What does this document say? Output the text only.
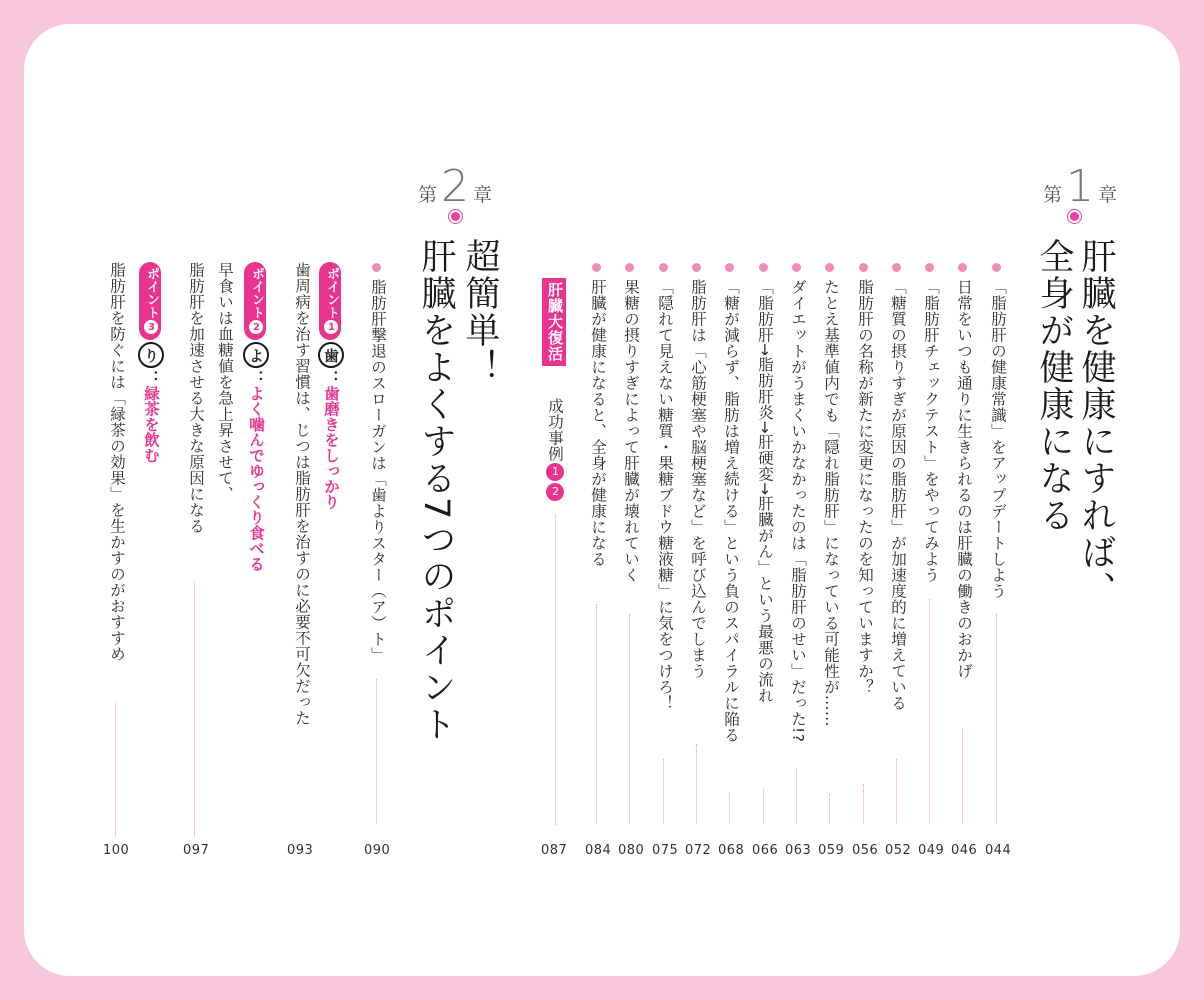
第 1 章
肝臓を健康にすれば、
全身が健康になる
「脂肪肝の健康常識」をアップデートしよう
044
日常をいつも通りに生きられるのは肝臓の働きのおかげ
046
「脂肪肝チェックテスト」をやってみよう
049
「糖質の摂りすぎが原因の脂肪肝」が加速度的に増えている
052
脂肪肝の名称が新たに変更になったのを知っていますか？
056
たとえ基準値内でも「隠れ脂肪肝」になっている可能性が……
059
ダイエットがうまくいかなかったのは「脂肪肝のせい」だった!?
063
「脂肪肝→脂肪肝炎→肝硬変→肝臓がん」という最悪の流れ
066
「糖が減らず、脂肪は増え続ける」という負のスパイラルに陥る
068
脂肪肝は「心筋梗塞や脳梗塞など」を呼び込んでしまう
072
「隠れて見えない糖質・果糖ブドウ糖液糖」に気をつけろ！
075
果糖の摂りすぎによって肝臓が壊れていく
080
肝臓が健康になると、全身が健康になる
084
肝臓大復活
成功事例12
087
第 2 章
超簡単！
肝臓をよくする7つのポイント
脂肪肝撃退のスローガンは「歯よりスター（ア）ト」
090
ポイント1歯：歯磨きをしっかり
歯周病を治す習慣は、じつは脂肪肝を治すのに必要不可欠だった
093
ポイント2よ：よく噛んでゆっくり食べる
早食いは血糖値を急上昇させて、
脂肪肝を加速させる大きな原因になる
097
ポイント3り：緑茶を飲む
脂肪肝を防ぐには「緑茶の効果」を生かすのがおすすめ
100
